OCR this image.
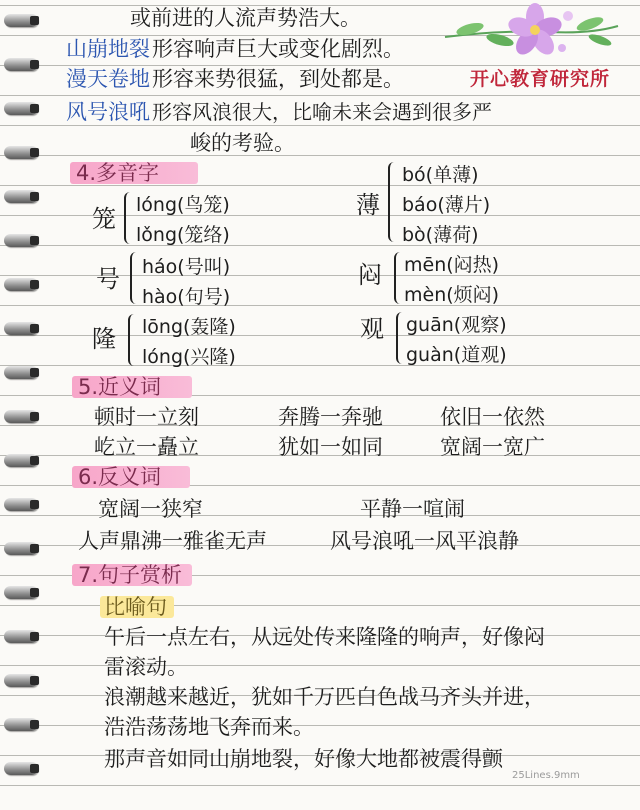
或前进的人流声势浩大。
山崩地裂 形容响声巨大或变化剧烈。
漫天卷地 形容来势很猛，到处都是。	开心教育研究所
风号浪吼 形容风浪很大，比喻未来会遇到很多严
峻的考验。
4.多音字
笼 lóng(鸟笼)
lǒng(笼络)
薄
bó(单薄)
báo(薄片)
bò(薄荷)
号 háo(号叫)
hào(句号)
闷 mēn(闷热)
mèn(烦闷)
隆 lōng(轰隆)
lóng(兴隆)
观 guān(观察)
guàn(道观)
5.近义词
顿时一立刻	奔腾一奔驰	依旧一依然
屹立一矗立	犹如一如同	宽阔一宽广
6.反义词
宽阔一狭窄	平静一喧闹
人声鼎沸一雅雀无声	风号浪吼一风平浪静
7.句子赏析
比喻句
午后一点左右，从远处传来隆隆的响声，好像闷
雷滚动。
浪潮越来越近，犹如千万匹白色战马齐头并进，
浩浩荡荡地飞奔而来。
那声音如同山崩地裂，好像大地都被震得颤
25Lines.9mm
